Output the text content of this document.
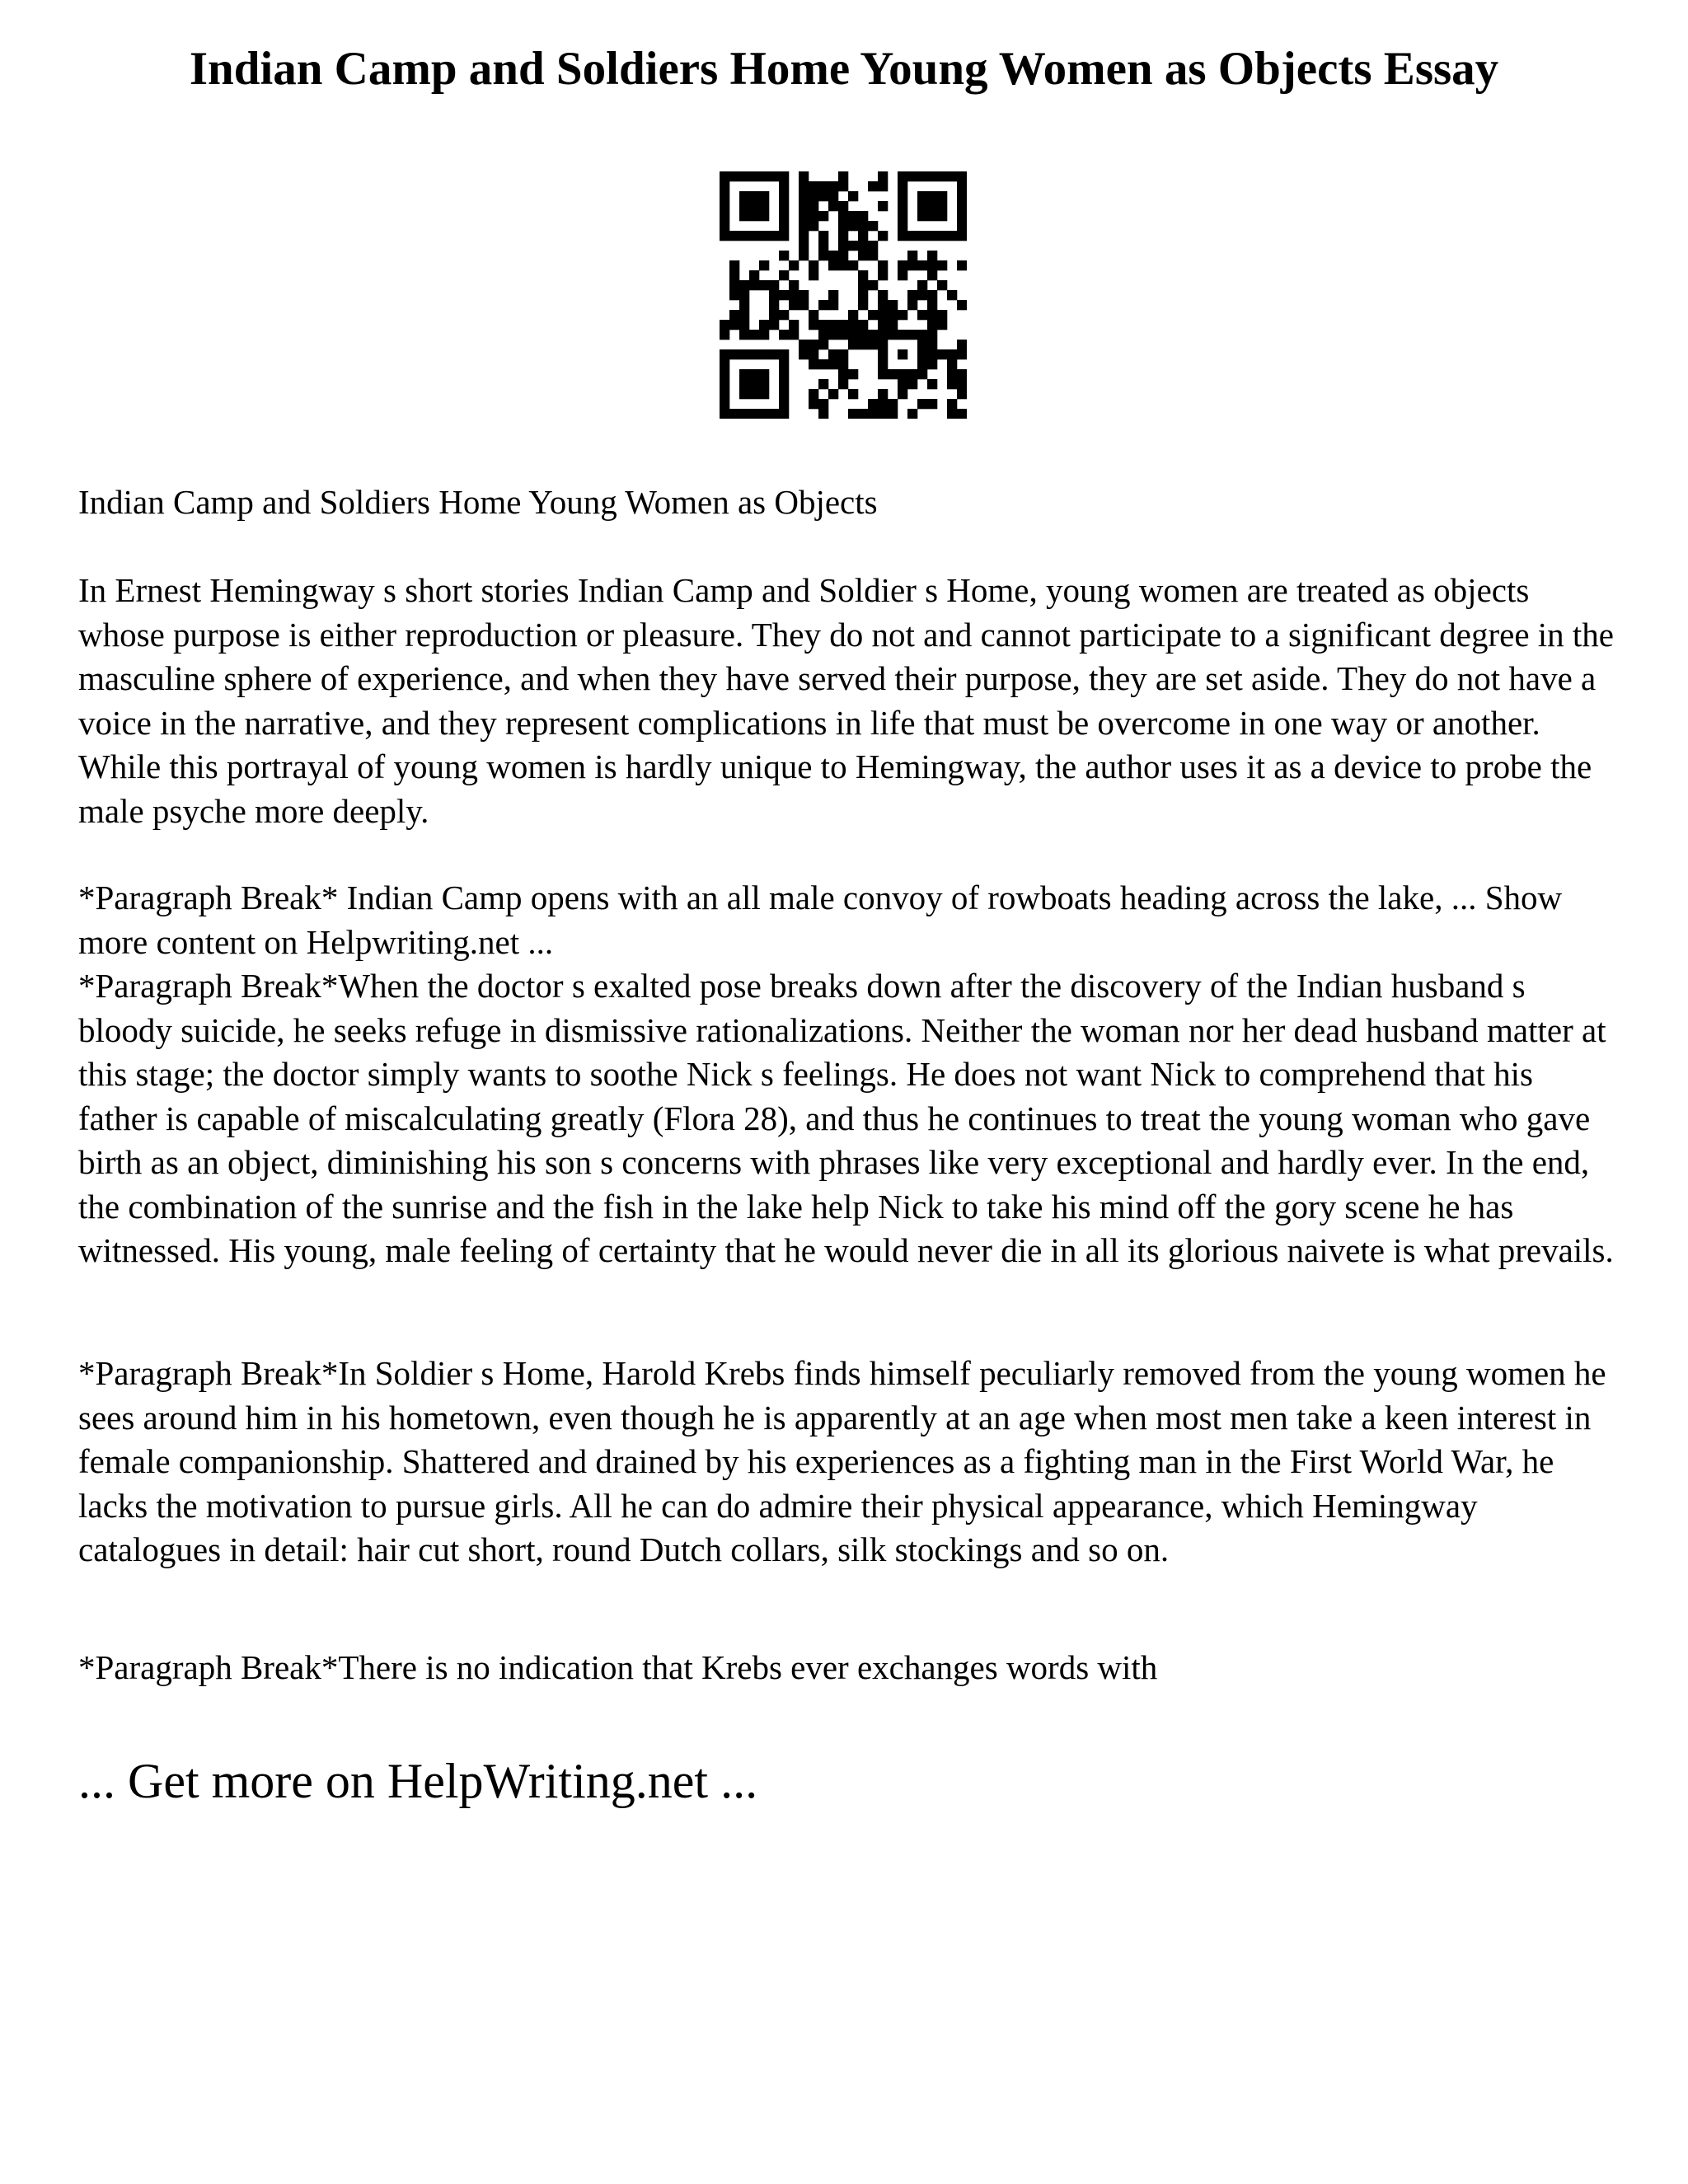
Indian Camp and Soldiers Home Young Women as Objects Essay

Indian Camp and Soldiers Home Young Women as Objects

In Ernest Hemingway s short stories Indian Camp and Soldier s Home, young women are treated as objects whose purpose is either reproduction or pleasure. They do not and cannot participate to a significant degree in the masculine sphere of experience, and when they have served their purpose, they are set aside. They do not have a voice in the narrative, and they represent complications in life that must be overcome in one way or another. While this portrayal of young women is hardly unique to Hemingway, the author uses it as a device to probe the male psyche more deeply.

*Paragraph Break* Indian Camp opens with an all male convoy of rowboats heading across the lake, ... Show more content on Helpwriting.net ...

*Paragraph Break*When the doctor s exalted pose breaks down after the discovery of the Indian husband s bloody suicide, he seeks refuge in dismissive rationalizations. Neither the woman nor her dead husband matter at this stage; the doctor simply wants to soothe Nick s feelings. He does not want Nick to comprehend that his father is capable of miscalculating greatly (Flora 28), and thus he continues to treat the young woman who gave birth as an object, diminishing his son s concerns with phrases like very exceptional and hardly ever. In the end, the combination of the sunrise and the fish in the lake help Nick to take his mind off the gory scene he has witnessed. His young, male feeling of certainty that he would never die in all its glorious naivete is what prevails.

*Paragraph Break*In Soldier s Home, Harold Krebs finds himself peculiarly removed from the young women he sees around him in his hometown, even though he is apparently at an age when most men take a keen interest in female companionship. Shattered and drained by his experiences as a fighting man in the First World War, he lacks the motivation to pursue girls. All he can do admire their physical appearance, which Hemingway catalogues in detail: hair cut short, round Dutch collars, silk stockings and so on.

*Paragraph Break*There is no indication that Krebs ever exchanges words with

... Get more on HelpWriting.net ...
